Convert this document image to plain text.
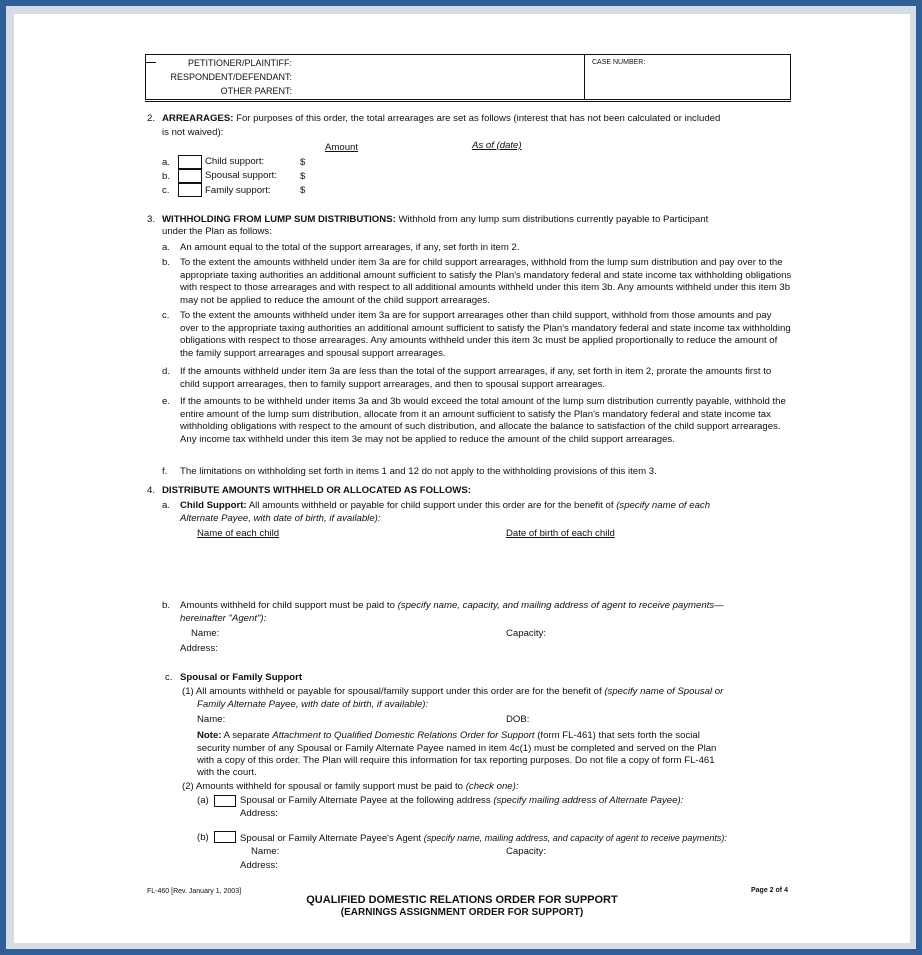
PETITIONER/PLAINTIFF:
RESPONDENT/DEFENDANT:
OTHER PARENT:
CASE NUMBER:
2. ARREARAGES: For purposes of this order, the total arrearages are set as follows (interest that has not been calculated or included
is not waived):
Amount	As of (date)
a.	Child support:	$
b.	Spousal support: $
c.	Family support:	$
3. WITHHOLDING FROM LUMP SUM DISTRIBUTIONS: Withhold from any lump sum distributions currently payable to Participant
under the Plan as follows:
a. An amount equal to the total of the support arrearages, if any, set forth in item 2.
b. To the extent the amounts withheld under item 3a are for child support arrearages, withhold from the lump sum distribution and pay over to the appropriate taxing authorities an additional amount sufficient to satisfy the Plan's mandatory federal and state income tax withholding obligations with respect to those arrearages and with respect to all additional amounts withheld under this item 3b. Any amounts withheld under this item 3b may not be applied to reduce the amount of the child support arrearages.
c. To the extent the amounts withheld under item 3a are for support arrearages other than child support, withhold from those amounts and pay over to the appropriate taxing authorities an additional amount sufficient to satisfy the Plan's mandatory federal and state income tax withholding obligations with respect to those arrearages. Any amounts withheld under this item 3c must be applied proportionally to reduce the amount of the family support arrearages and spousal support arrearages.
d. If the amounts withheld under item 3a are less than the total of the support arrearages, if any, set forth in item 2, prorate the amounts first to child support arrearages, then to family support arrearages, and then to spousal support arrearages.
e. If the amounts to be withheld under items 3a and 3b would exceed the total amount of the lump sum distribution currently payable, withhold the entire amount of the lump sum distribution, allocate from it an amount sufficient to satisfy the Plan's mandatory federal and state income tax withholding obligations with respect to the amount of such distribution, and allocate the balance to satisfaction of the child support arrearages. Any income tax withheld under this item 3e may not be applied to reduce the amount of the child support arrearages.
f. The limitations on withholding set forth in items 1 and 12 do not apply to the withholding provisions of this item 3.
4. DISTRIBUTE AMOUNTS WITHHELD OR ALLOCATED AS FOLLOWS:
a. Child Support: All amounts withheld or payable for child support under this order are for the benefit of (specify name of each
Alternate Payee, with date of birth, if available):
Name of each child	Date of birth of each child
b. Amounts withheld for child support must be paid to (specify name, capacity, and mailing address of agent to receive payments—
hereinafter "Agent"):
Name:	Capacity:
Address:
c. Spousal or Family Support
(1) All amounts withheld or payable for spousal/family support under this order are for the benefit of (specify name of Spousal or
Family Alternate Payee, with date of birth, if available):
Name:	DOB:
Note: A separate Attachment to Qualified Domestic Relations Order for Support (form FL-461) that sets forth the social
security number of any Spousal or Family Alternate Payee named in item 4c(1) must be completed and served on the Plan
with a copy of this order. The Plan will require this information for tax reporting purposes. Do not file a copy of form FL-461
with the court.
(2) Amounts withheld for spousal or family support must be paid to (check one):
(a)	Spousal or Family Alternate Payee at the following address (specify mailing address of Alternate Payee):
Address:
(b)	Spousal or Family Alternate Payee's Agent (specify name, mailing address, and capacity of agent to receive payments):
Name:	Capacity:
Address:
FL-460 [Rev. January 1, 2003]	Page 2 of 4
QUALIFIED DOMESTIC RELATIONS ORDER FOR SUPPORT
(EARNINGS ASSIGNMENT ORDER FOR SUPPORT)
